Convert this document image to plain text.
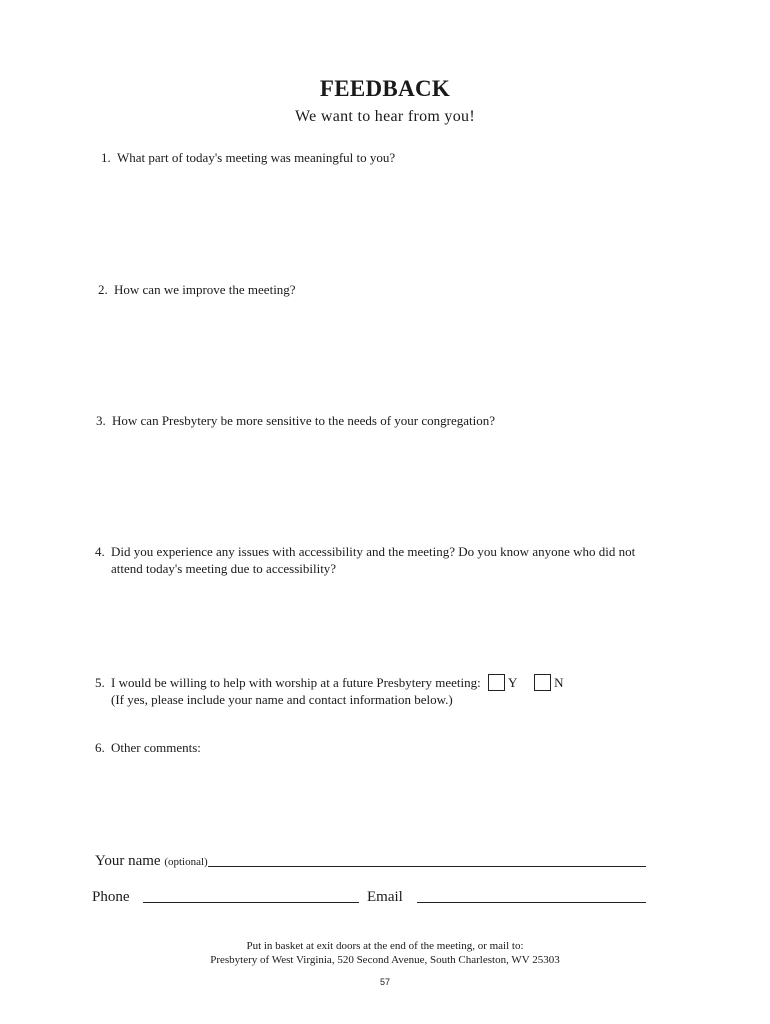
FEEDBACK
We want to hear from you!
1. What part of today's meeting was meaningful to you?
2. How can we improve the meeting?
3. How can Presbytery be more sensitive to the needs of your congregation?
4. Did you experience any issues with accessibility and the meeting? Do you know anyone who did not
attend today's meeting due to accessibility?
5. I would be willing to help with worship at a future Presbytery meeting: Y	N
(If yes, please include your name and contact information below.)
6. Other comments:
Your name (optional)
Phone	Email
Put in basket at exit doors at the end of the meeting, or mail to:
Presbytery of West Virginia, 520 Second Avenue, South Charleston, WV 25303
57
